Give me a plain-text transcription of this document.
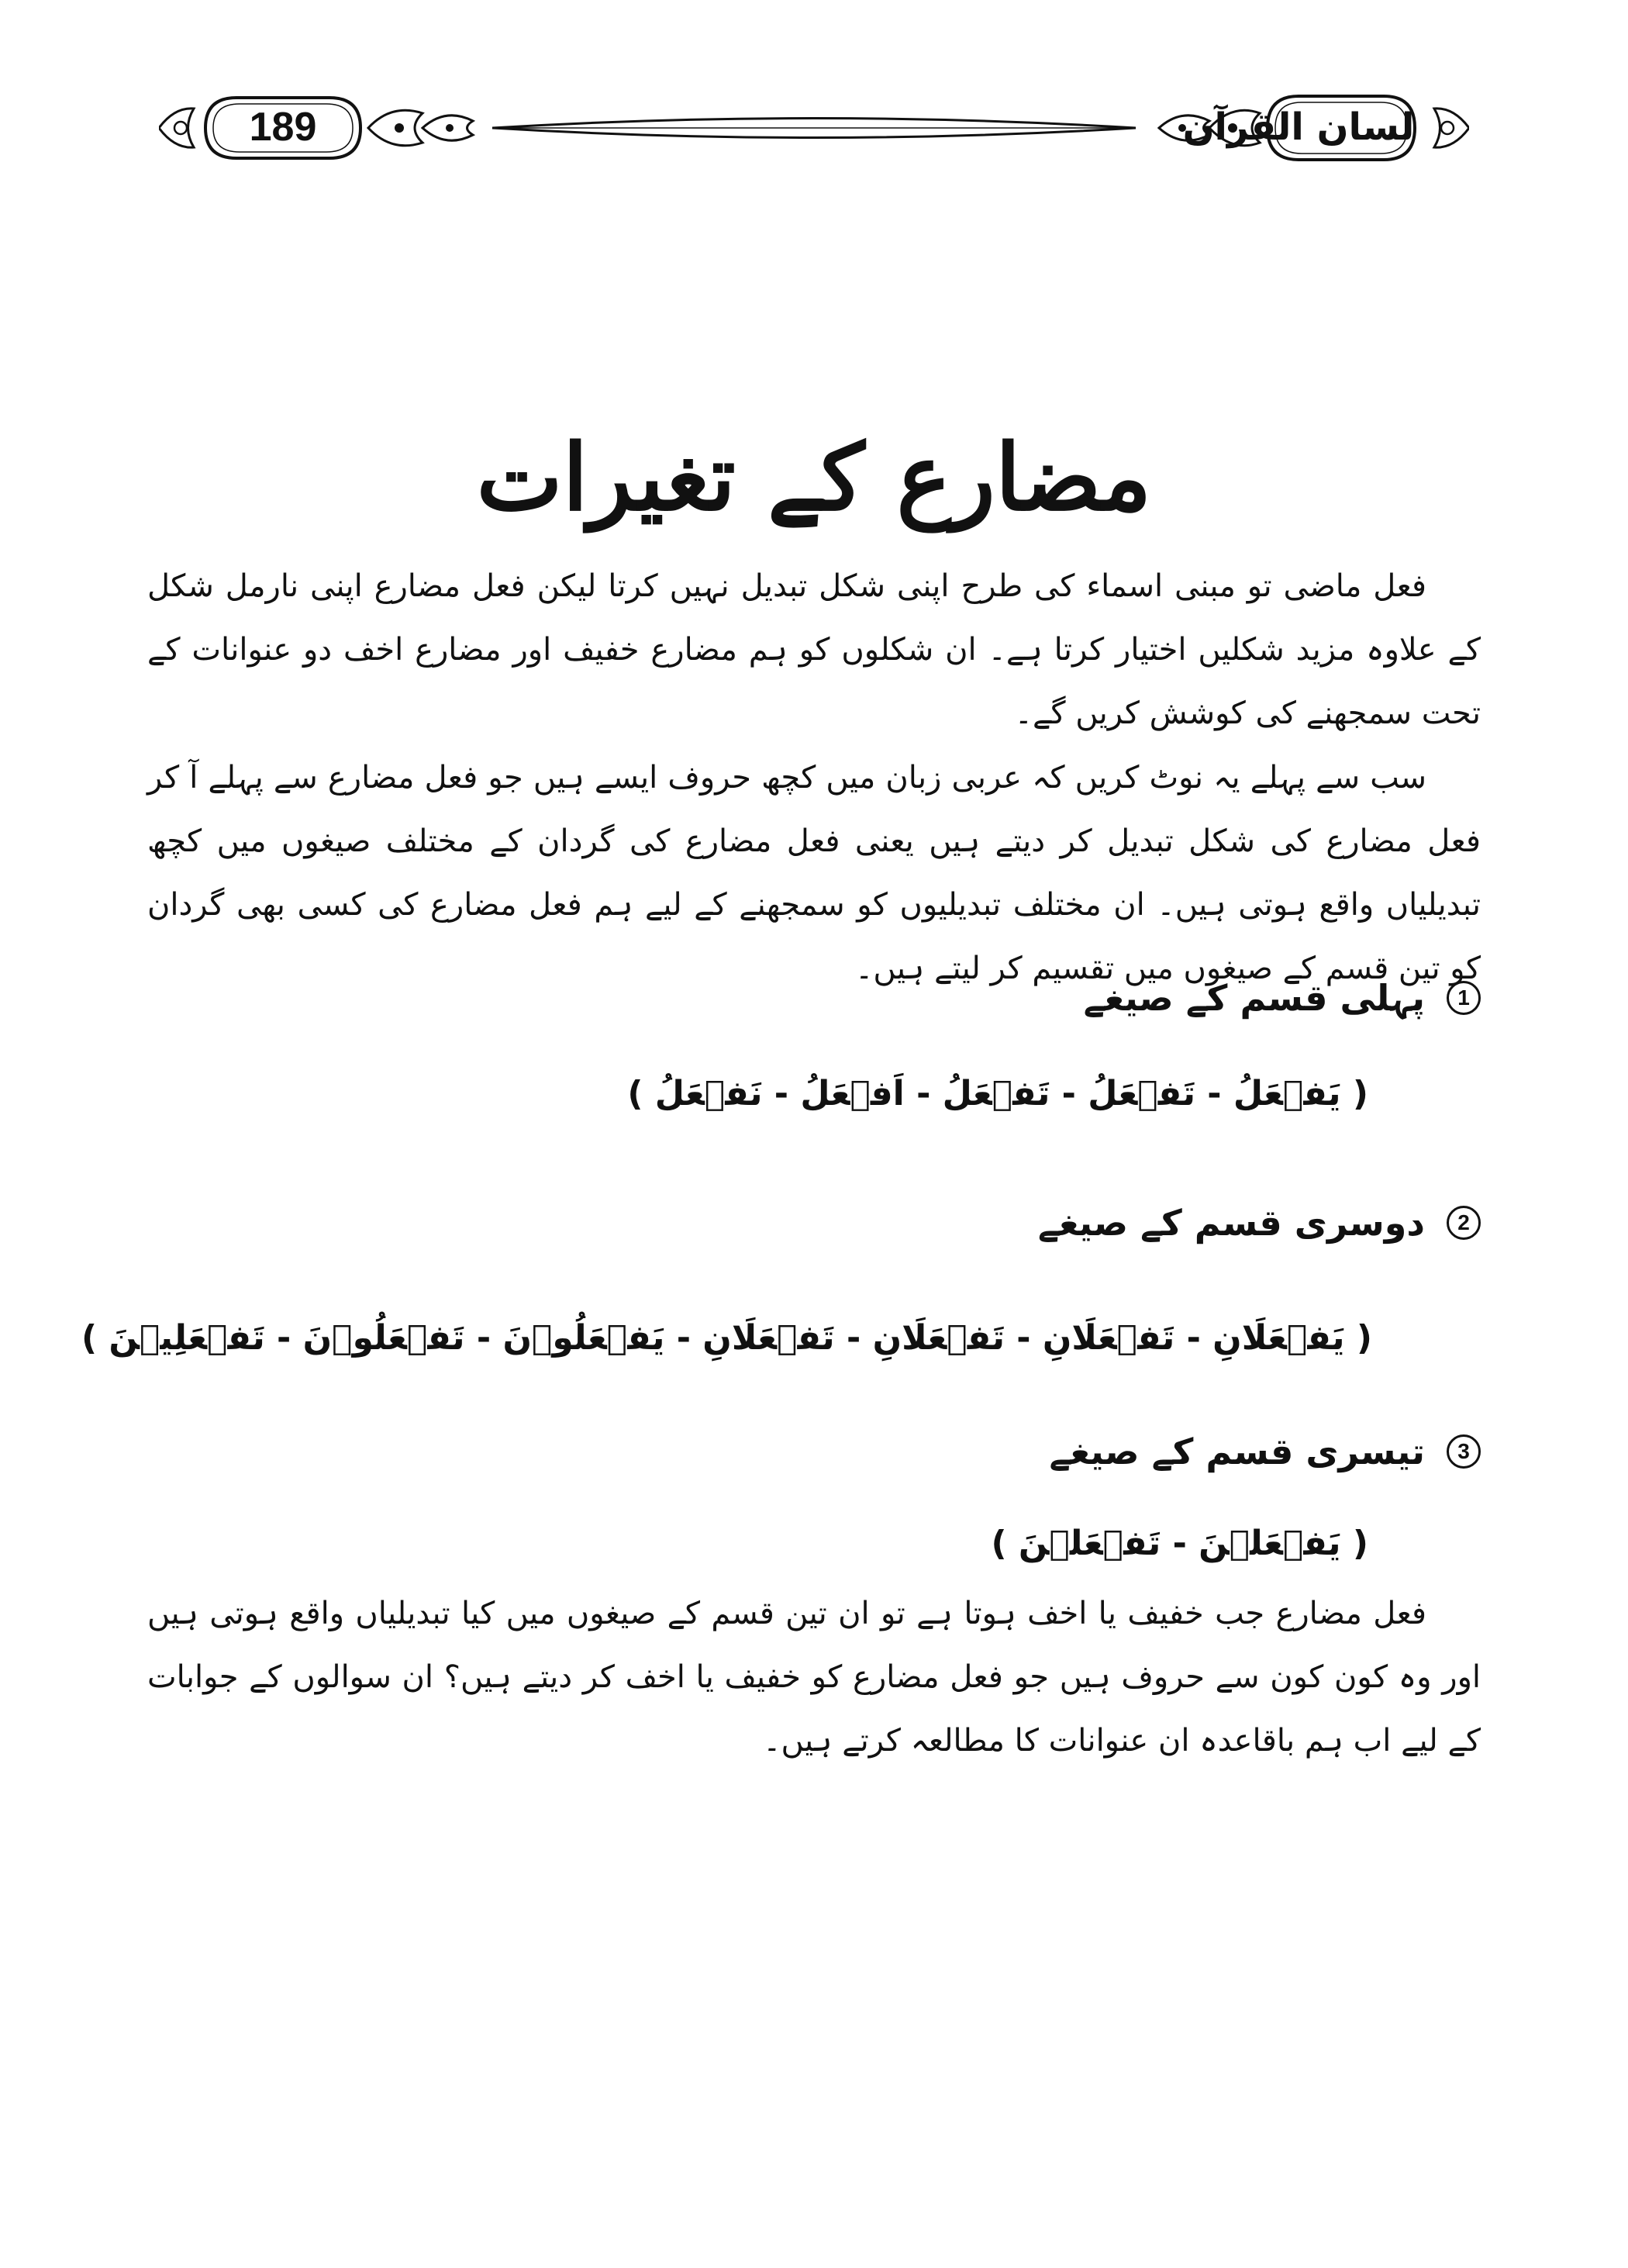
189	لسان القرآن
مضارع کے تغیرات

فعل ماضی تو مبنی اسماء کی طرح اپنی شکل تبدیل نہیں کرتا لیکن فعل مضارع اپنی نارمل شکل کے علاوہ مزید شکلیں اختیار کرتا ہے۔ ان شکلوں کو ہم مضارع خفیف اور مضارع اخف دو عنوانات کے تحت سمجھنے کی کوشش کریں گے۔

سب سے پہلے یہ نوٹ کریں کہ عربی زبان میں کچھ حروف ایسے ہیں جو فعل مضارع سے پہلے آ کر فعل مضارع کی شکل تبدیل کر دیتے ہیں یعنی فعل مضارع کی گردان کے مختلف صیغوں میں کچھ تبدیلیاں واقع ہوتی ہیں۔ ان مختلف تبدیلیوں کو سمجھنے کے لیے ہم فعل مضارع کی کسی بھی گردان کو تین قسم کے صیغوں میں تقسیم کر لیتے ہیں۔

1
پہلی قسم کے صیغے
( یَفۡعَلُ - تَفۡعَلُ - تَفۡعَلُ - اَفۡعَلُ - نَفۡعَلُ )
2
دوسری قسم کے صیغے
( یَفۡعَلَانِ - تَفۡعَلَانِ - تَفۡعَلَانِ - تَفۡعَلَانِ - یَفۡعَلُوۡنَ - تَفۡعَلُوۡنَ - تَفۡعَلِیۡنَ )
3
تیسری قسم کے صیغے
( یَفۡعَلۡنَ - تَفۡعَلۡنَ )

فعل مضارع جب خفیف یا اخف ہوتا ہے تو ان تین قسم کے صیغوں میں کیا تبدیلیاں واقع ہوتی ہیں اور وہ کون کون سے حروف ہیں جو فعل مضارع کو خفیف یا اخف کر دیتے ہیں؟ ان سوالوں کے جوابات کے لیے اب ہم باقاعدہ ان عنوانات کا مطالعہ کرتے ہیں۔
